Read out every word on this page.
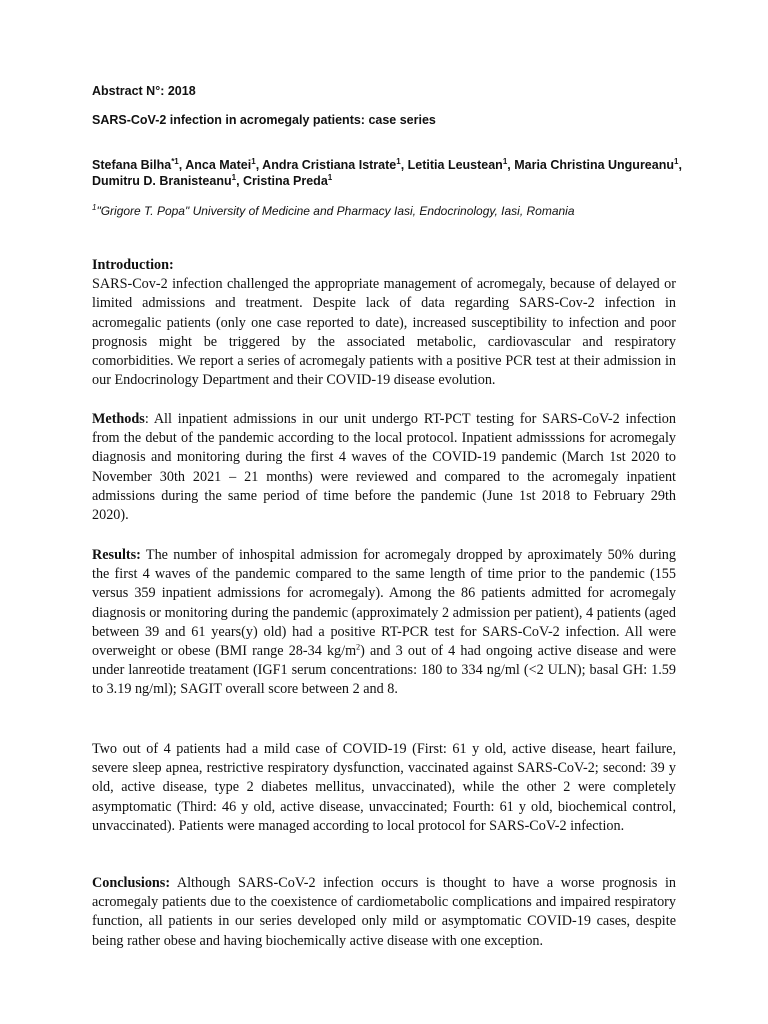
Abstract N°: 2018
SARS-CoV-2 infection in acromegaly patients: case series
Stefana Bilha$^{*1}$, Anca Matei$^1$, Andra Cristiana Istrate$^1$, Letitia Leustean$^1$, Maria Christina Ungureanu$^1$, Dumitru D. Branisteanu$^1$, Cristina Preda$^1$
$^1$"Grigore T. Popa" University of Medicine and Pharmacy Iasi, Endocrinology, Iasi, Romania

Introduction:
SARS-Cov-2 infection challenged the appropriate management of acromegaly, because of delayed or limited admissions and treatment. Despite lack of data regarding SARS-Cov-2 infection in acromegalic patients (only one case reported to date), increased susceptibility to infection and poor prognosis might be triggered by the associated metabolic, cardiovascular and respiratory comorbidities. We report a series of acromegaly patients with a positive PCR test at their admission in our Endocrinology Department and their COVID-19 disease evolution.

Methods: All inpatient admissions in our unit undergo RT-PCT testing for SARS-CoV-2 infection from the debut of the pandemic according to the local protocol. Inpatient admisssions for acromegaly diagnosis and monitoring during the first 4 waves of the COVID-19 pandemic (March 1st 2020 to November 30th 2021 – 21 months) were reviewed and compared to the acromegaly inpatient admissions during the same period of time before the pandemic (June 1st 2018 to February 29th 2020).

Results: The number of inhospital admission for acromegaly dropped by aproximately 50% during the first 4 waves of the pandemic compared to the same length of time prior to the pandemic (155 versus 359 inpatient admissions for acromegaly). Among the 86 patients admitted for acromegaly diagnosis or monitoring during the pandemic (approximately 2 admission per patient), 4 patients (aged between 39 and 61 years(y) old) had a positive RT-PCR test for SARS-CoV-2 infection. All were overweight or obese (BMI range 28-34 $kg/m^2$) and 3 out of 4 had ongoing active disease and were under lanreotide treatament (IGF1 serum concentrations: 180 to 334 ng/ml (<2 ULN); basal GH: 1.59 to 3.19 ng/ml); SAGIT overall score between 2 and 8.

Two out of 4 patients had a mild case of COVID-19 (First: 61 y old, active disease, heart failure, severe sleep apnea, restrictive respiratory dysfunction, vaccinated against SARS-CoV-2; second: 39 y old, active disease, type 2 diabetes mellitus, unvaccinated), while the other 2 were completely asymptomatic (Third: 46 y old, active disease, unvaccinated; Fourth: 61 y old, biochemical control, unvaccinated). Patients were managed according to local protocol for SARS-CoV-2 infection.

Conclusions: Although SARS-CoV-2 infection occurs is thought to have a worse prognosis in acromegaly patients due to the coexistence of cardiometabolic complications and impaired respiratory function, all patients in our series developed only mild or asymptomatic COVID-19 cases, despite being rather obese and having biochemically active disease with one exception.
